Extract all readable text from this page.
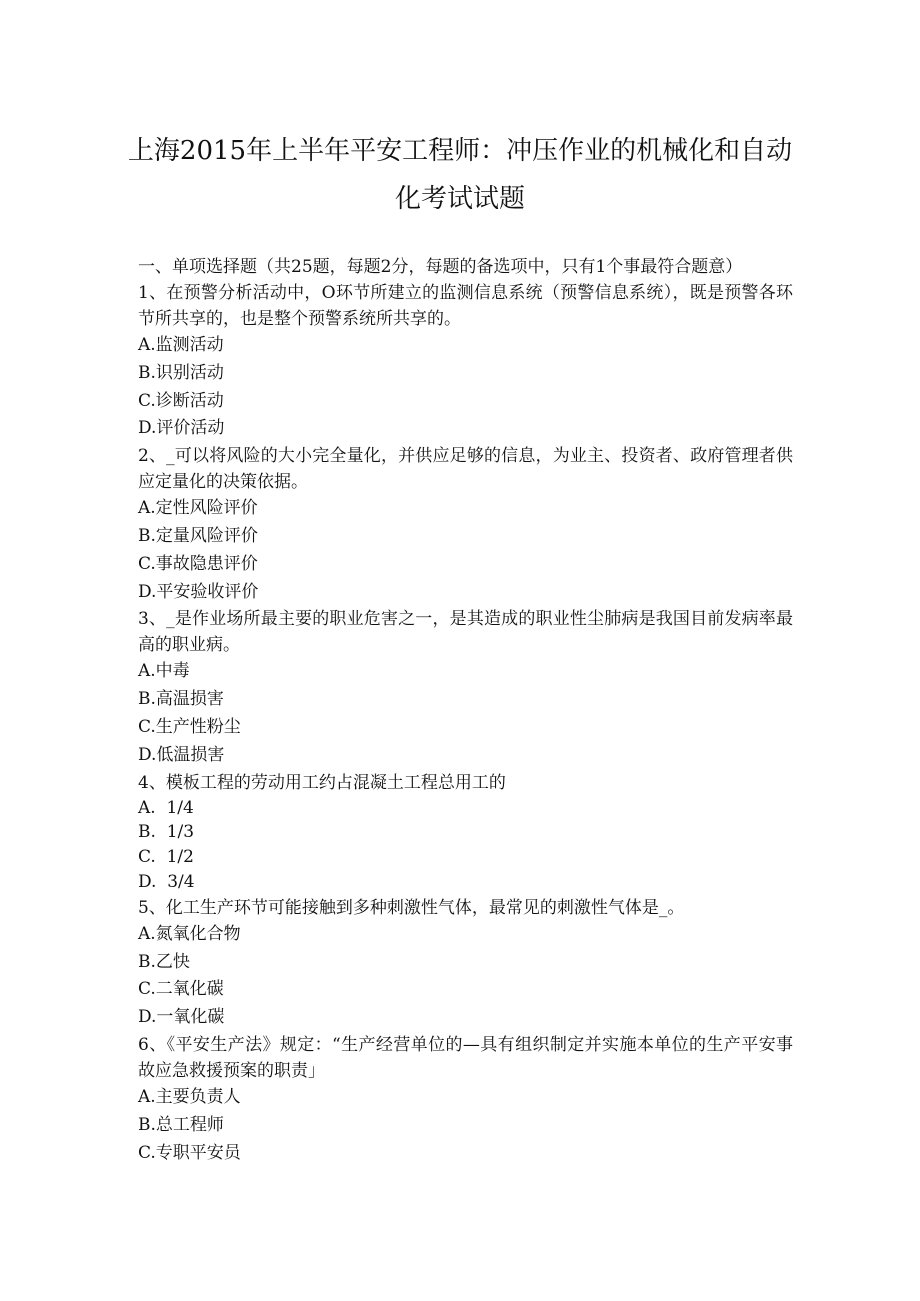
上海2015年上半年平安工程师：冲压作业的机械化和自动
化考试试题

一、单项选择题（共25题，每题2分，每题的备选项中，只有1个事最符合题意）

1、在预警分析活动中，O环节所建立的监测信息系统（预警信息系统），既是预警各环节所共享的，也是整个预警系统所共享的。

A.监测活动

B.识别活动

C.诊断活动

D.评价活动

2、_可以将风险的大小完全量化，并供应足够的信息，为业主、投资者、政府管理者供应定量化的决策依据。

A.定性风险评价

B.定量风险评价

C.事故隐患评价

D.平安验收评价

3、_是作业场所最主要的职业危害之一，是其造成的职业性尘肺病是我国目前发病率最高的职业病。

A.中毒

B.高温损害

C.生产性粉尘

D.低温损害

4、模板工程的劳动用工约占混凝土工程总用工的

A.  1/4

B.  1/3

C.  1/2

D.  3/4

5、化工生产环节可能接触到多种刺激性气体，最常见的刺激性气体是_。

A.氮氧化合物

B.乙快

C.二氧化碳

D.一氧化碳

6、《平安生产法》规定：“生产经营单位的—具有组织制定并实施本单位的生产平安事故应急救援预案的职责」

A.主要负责人

B.总工程师

C.专职平安员
